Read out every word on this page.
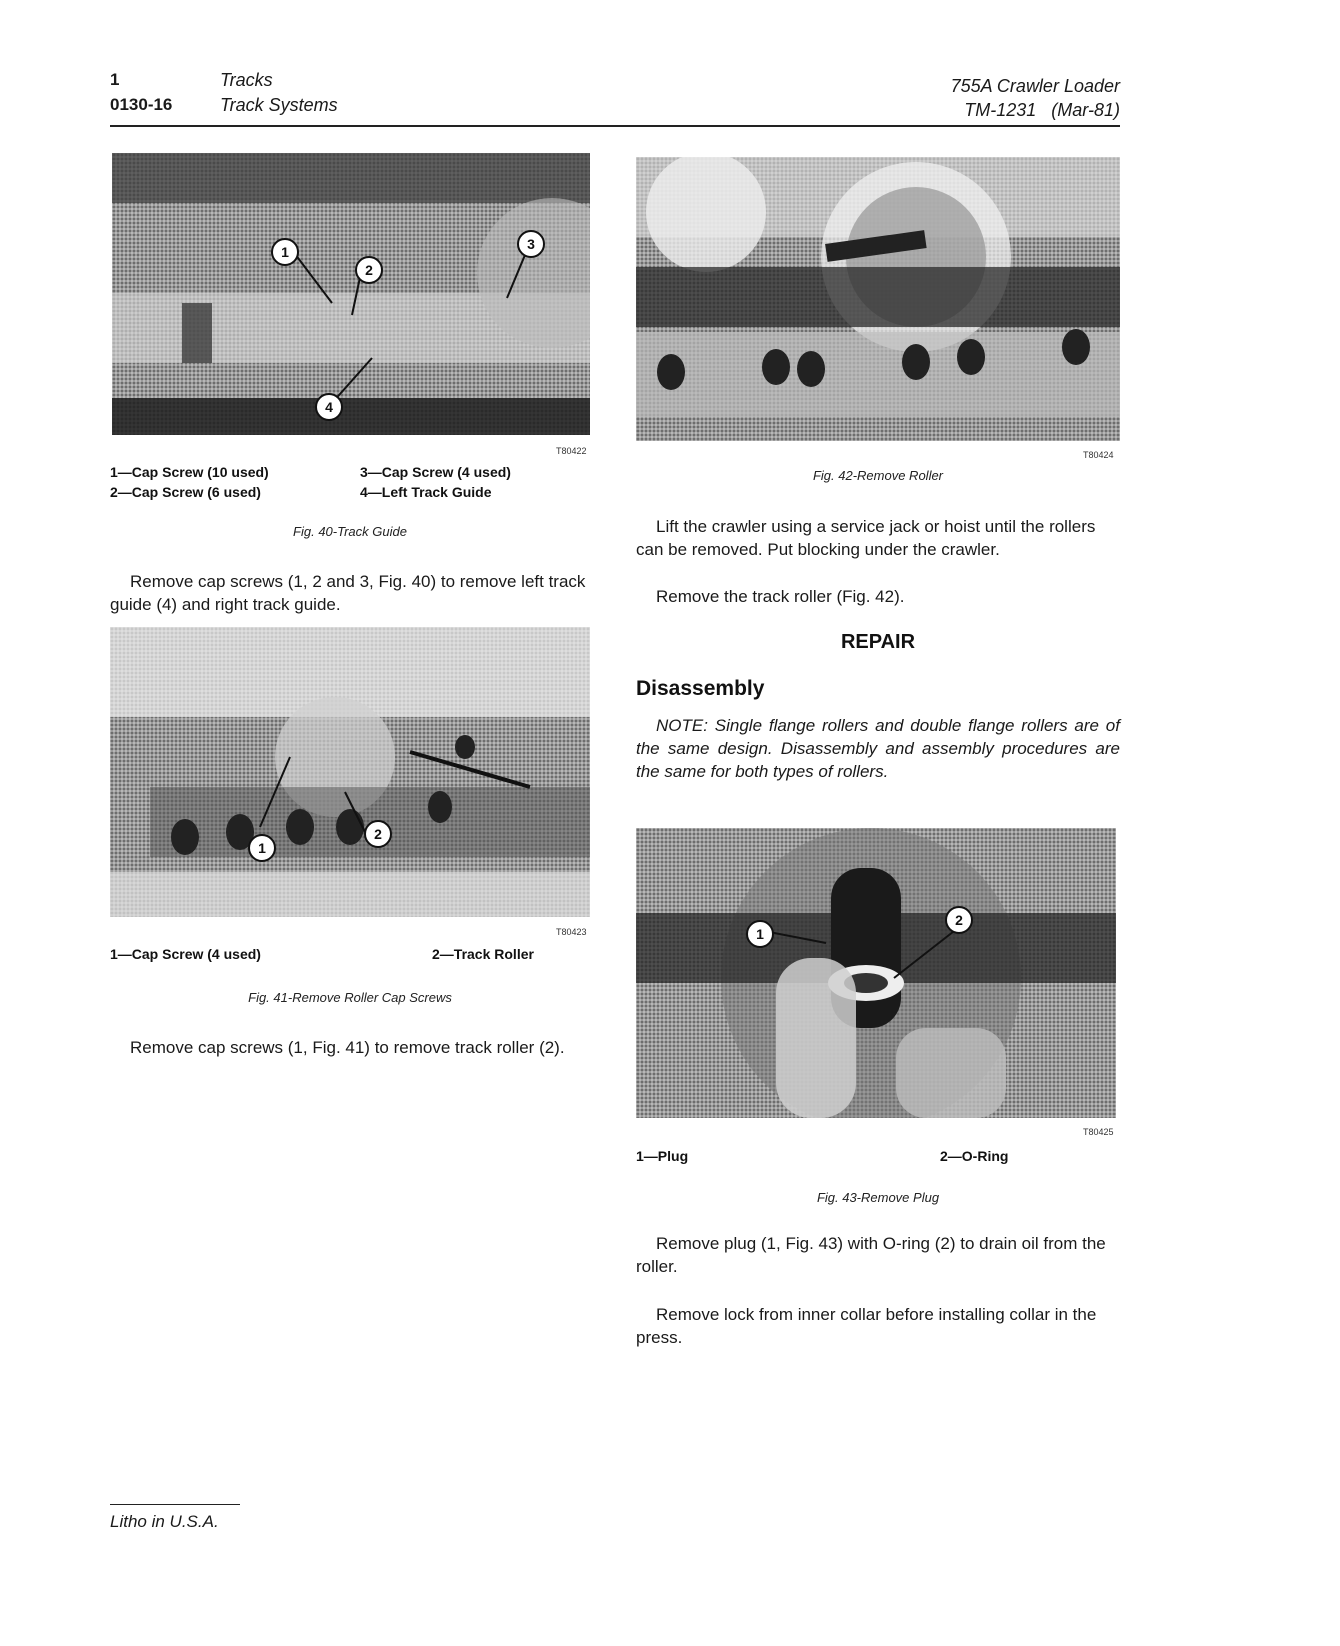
1
0130-16
Tracks
Track Systems
755A Crawler Loader
TM-1231   (Mar-81)
1
2
3
4
T80422
1—Cap Screw (10 used)
2—Cap Screw (6 used)
3—Cap Screw (4 used)
4—Left Track Guide
Fig. 40-Track Guide
Remove cap screws (1, 2 and 3, Fig. 40) to remove left track guide (4) and right track guide.
1
2
T80423
1—Cap Screw (4 used)	2—Track Roller
Fig. 41-Remove Roller Cap Screws
Remove cap screws (1, Fig. 41) to remove track roller (2).
T80424
Fig. 42-Remove Roller
Lift the crawler using a service jack or hoist until the rollers can be removed. Put blocking under the crawler.
Remove the track roller (Fig. 42).
REPAIR
Disassembly
NOTE: Single flange rollers and double flange rollers are of the same design. Disassembly and assembly procedures are the same for both types of rollers.
1
2
T80425
1—Plug	2—O-Ring
Fig. 43-Remove Plug
Remove plug (1, Fig. 43) with O-ring (2) to drain oil from the roller.
Remove lock from inner collar before installing collar in the press.
Litho in U.S.A.
